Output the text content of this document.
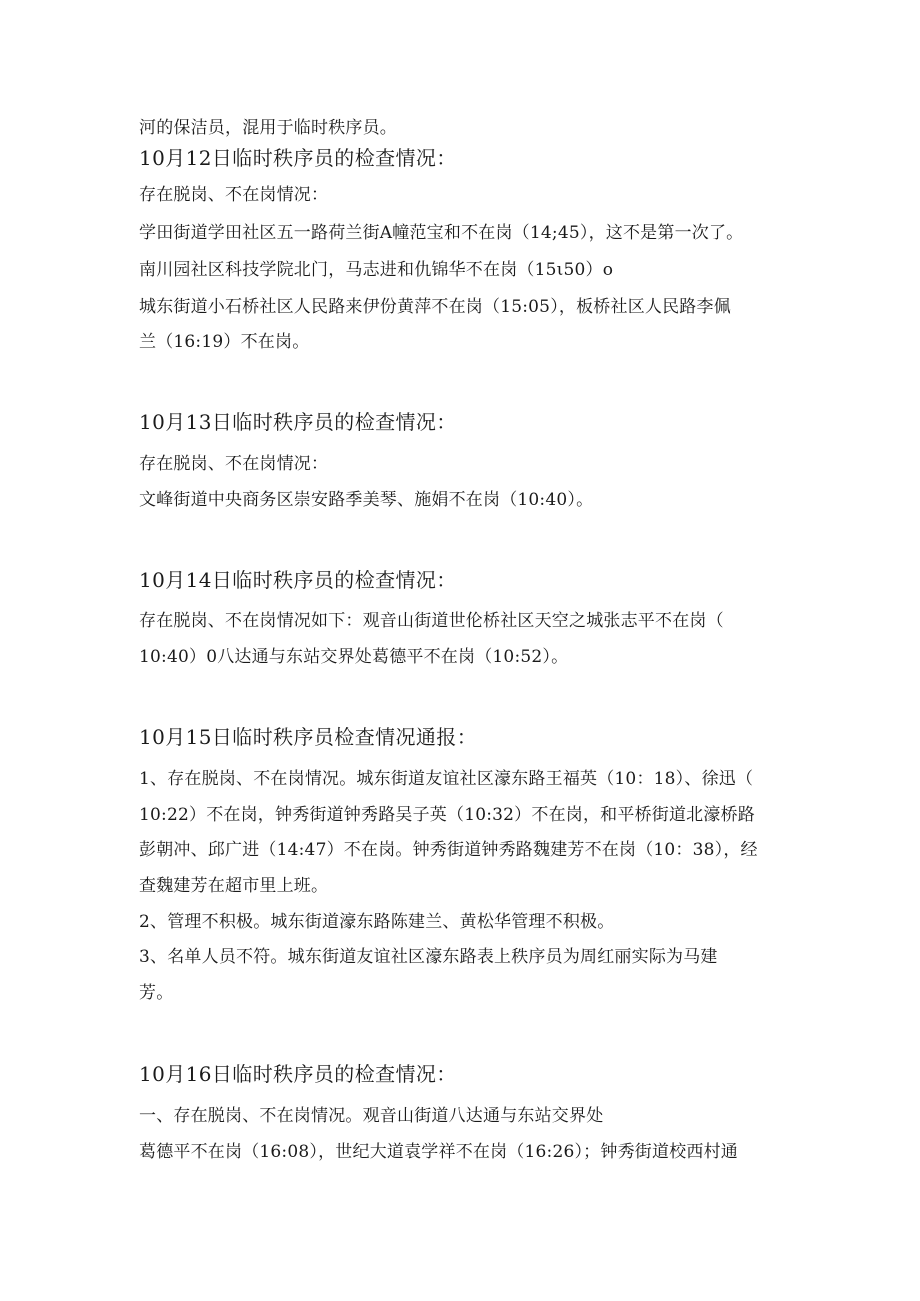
河的保洁员，混用于临时秩序员。
10月12日临时秩序员的检查情况：
存在脱岗、不在岗情况：
学田街道学田社区五一路荷兰街A幢范宝和不在岗（14;45），这不是第一次了。
南川园社区科技学院北门，马志进和仇锦华不在岗（15ι50）o
城东街道小石桥社区人民路来伊份黄萍不在岗（15:05），板桥社区人民路李佩
兰（16:19）不在岗。
10月13日临时秩序员的检查情况：
存在脱岗、不在岗情况：
文峰街道中央商务区崇安路季美琴、施娟不在岗（10:40）。
10月14日临时秩序员的检查情况：
存在脱岗、不在岗情况如下：观音山街道世伦桥社区天空之城张志平不在岗（
10:40）0八达通与东站交界处葛德平不在岗（10:52）。
10月15日临时秩序员检查情况通报：
1、存在脱岗、不在岗情况。城东街道友谊社区濠东路王福英（10：18）、徐迅（
10:22）不在岗，钟秀街道钟秀路吴子英（10:32）不在岗，和平桥街道北濠桥路
彭朝冲、邱广进（14:47）不在岗。钟秀街道钟秀路魏建芳不在岗（10：38），经
查魏建芳在超市里上班。
2、管理不积极。城东街道濠东路陈建兰、黄松华管理不积极。
3、名单人员不符。城东街道友谊社区濠东路表上秩序员为周红丽实际为马建
芳。
10月16日临时秩序员的检查情况：
一、存在脱岗、不在岗情况。观音山街道八达通与东站交界处
葛德平不在岗（16:08），世纪大道袁学祥不在岗（16:26）；钟秀街道校西村通
